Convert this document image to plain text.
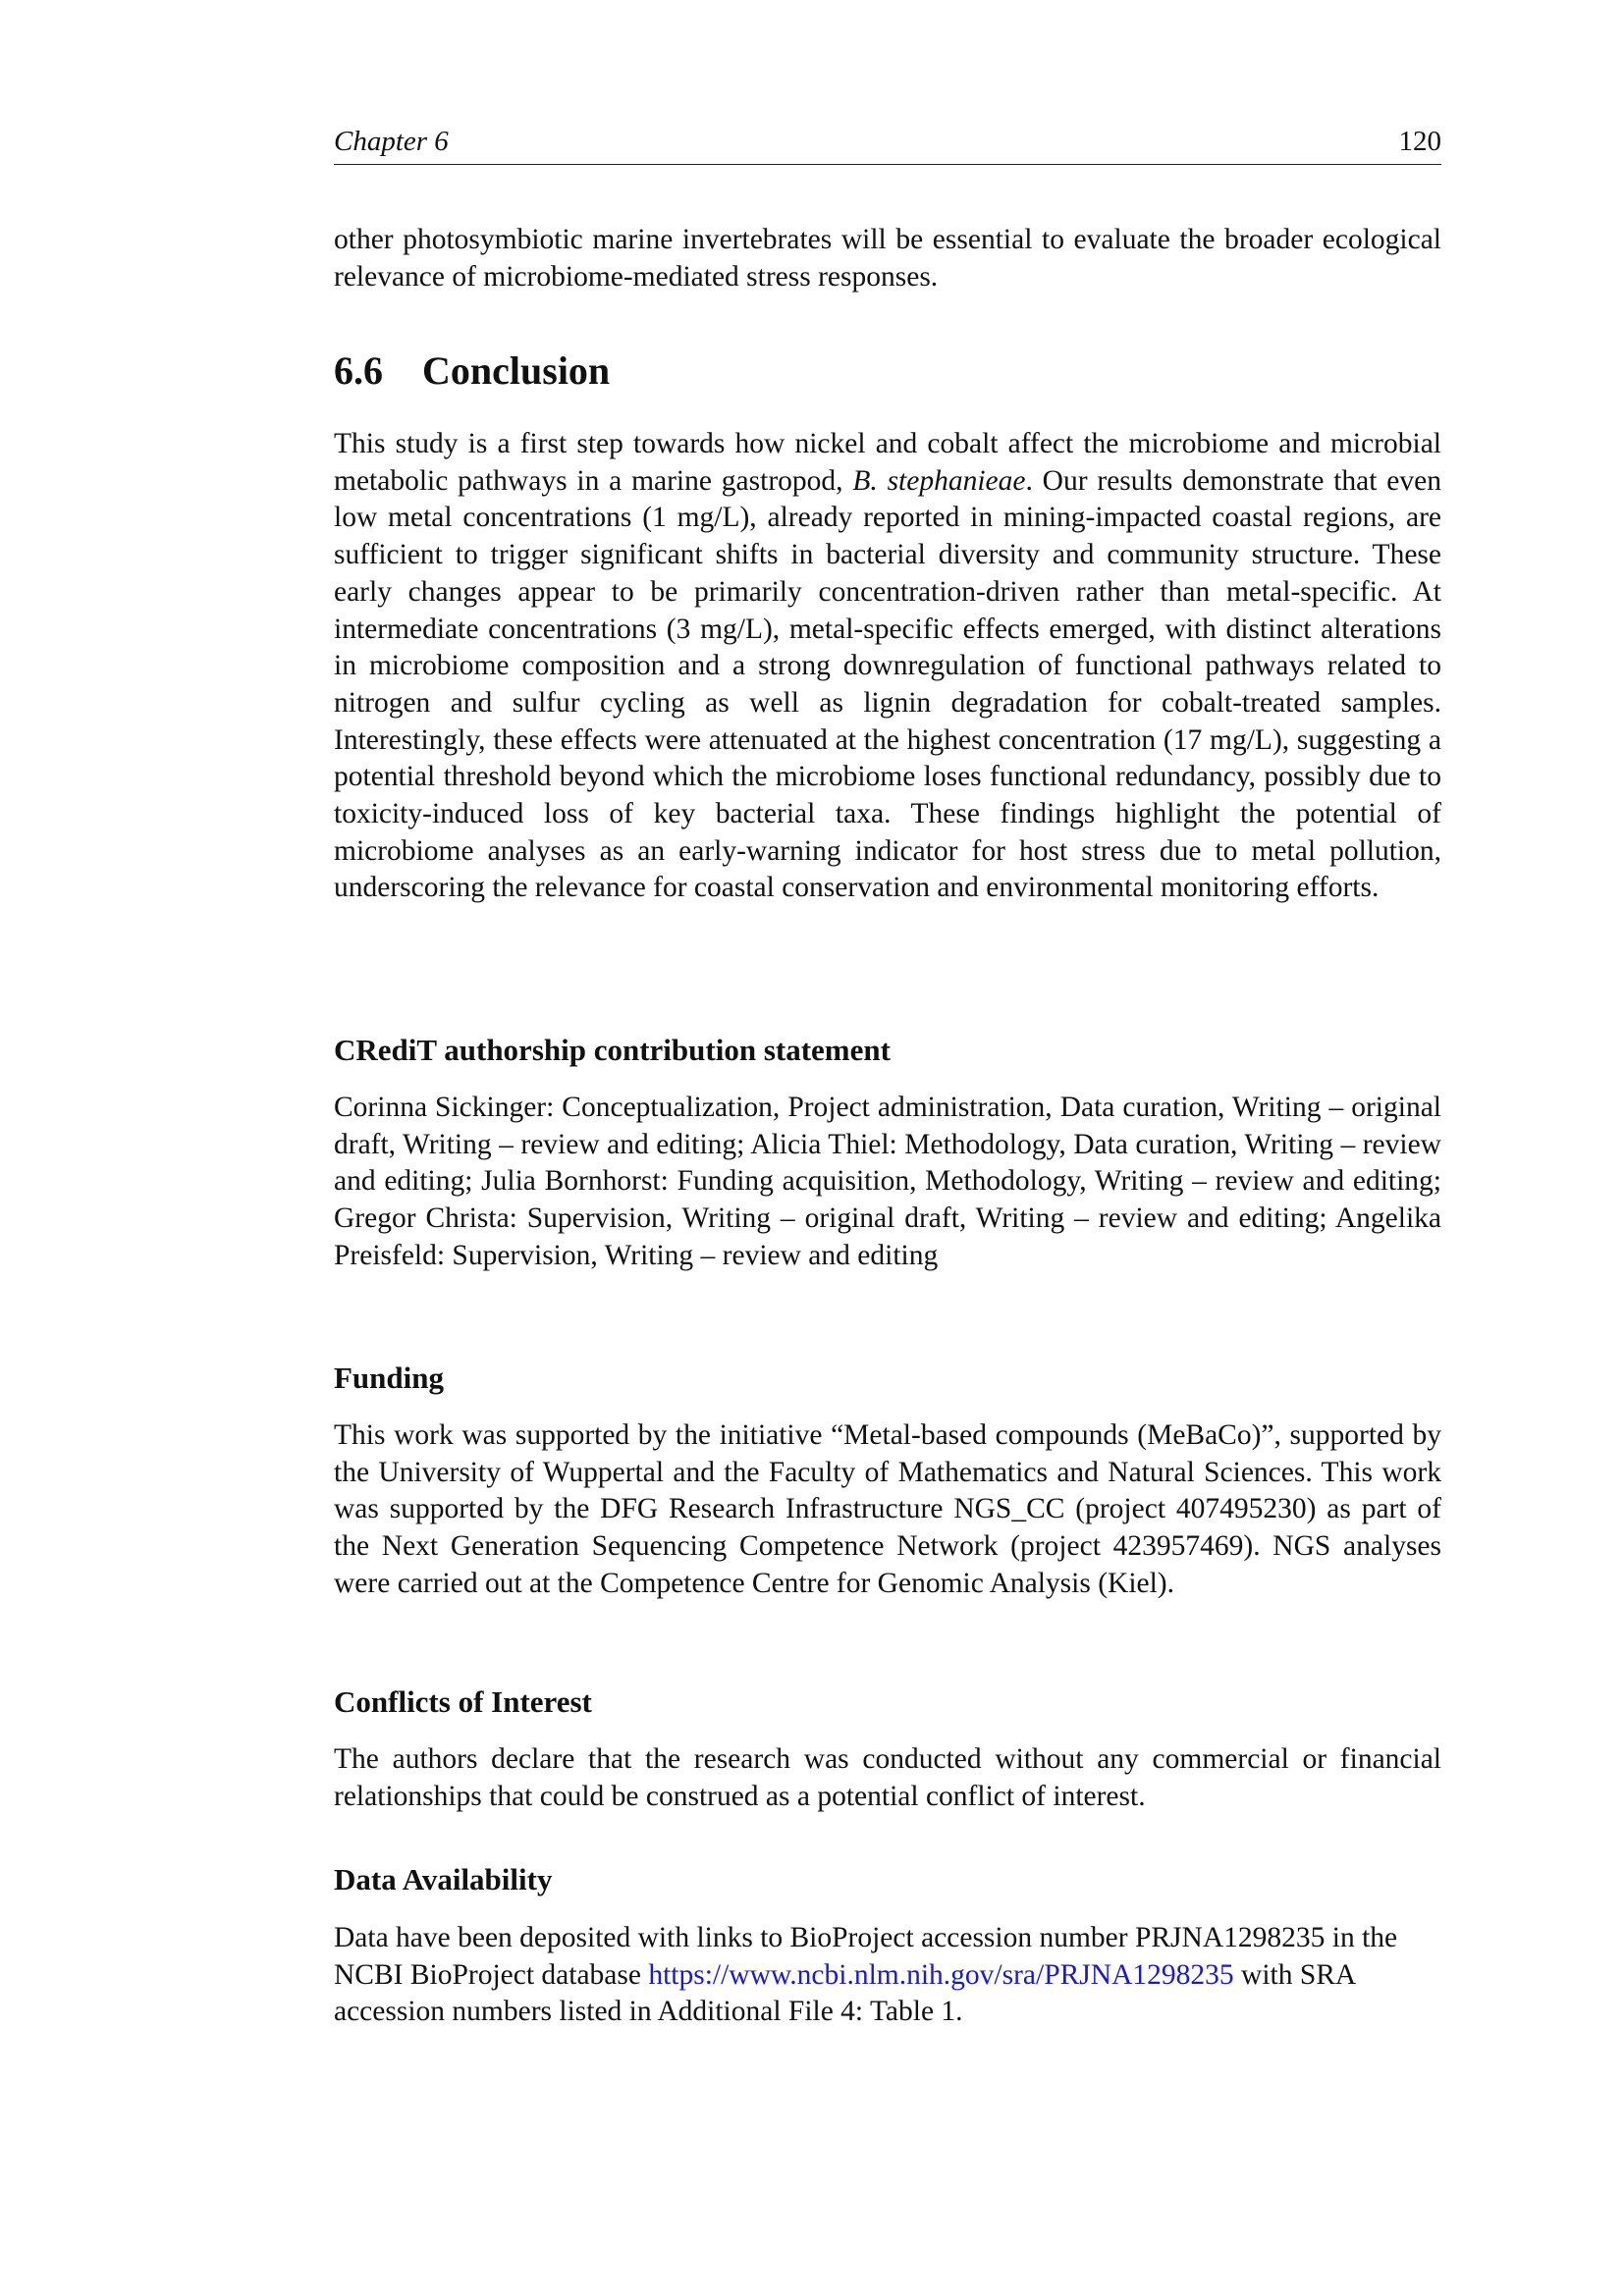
Chapter 6	120

other photosymbiotic marine invertebrates will be essential to evaluate the broader ecological relevance of microbiome-mediated stress responses.

6.6 Conclusion

This study is a first step towards how nickel and cobalt affect the microbiome and microbial metabolic pathways in a marine gastropod, B. stephanieae. Our results demonstrate that even low metal concentrations (1 mg/L), already reported in mining-impacted coastal regions, are sufficient to trigger significant shifts in bacterial diversity and community structure. These early changes appear to be primarily concentration-driven rather than metal-specific. At intermediate concentrations (3 mg/L), metal-specific effects emerged, with distinct alterations in microbiome composition and a strong downregulation of functional pathways related to nitrogen and sulfur cycling as well as lignin degradation for cobalt-treated samples. Interestingly, these effects were attenuated at the highest concentration (17 mg/L), suggesting a potential threshold beyond which the microbiome loses functional redundancy, possibly due to toxicity-induced loss of key bacterial taxa. These findings highlight the potential of microbiome analyses as an early-warning indicator for host stress due to metal pollution, underscoring the relevance for coastal conservation and environmental monitoring efforts.

CRediT authorship contribution statement

Corinna Sickinger: Conceptualization, Project administration, Data curation, Writing – original draft, Writing – review and editing; Alicia Thiel: Methodology, Data curation, Writing – review and editing; Julia Bornhorst: Funding acquisition, Methodology, Writing – review and editing; Gregor Christa: Supervision, Writing – original draft, Writing – review and editing; Angelika Preisfeld: Supervision, Writing – review and editing

Funding

This work was supported by the initiative “Metal-based compounds (MeBaCo)”, supported by the University of Wuppertal and the Faculty of Mathematics and Natural Sciences. This work was supported by the DFG Research Infrastructure NGS_CC (project 407495230) as part of the Next Generation Sequencing Competence Network (project 423957469). NGS analyses were carried out at the Competence Centre for Genomic Analysis (Kiel).

Conflicts of Interest

The authors declare that the research was conducted without any commercial or financial relationships that could be construed as a potential conflict of interest.

Data Availability

Data have been deposited with links to BioProject accession number PRJNA1298235 in the NCBI BioProject database https://www.ncbi.nlm.nih.gov/sra/PRJNA1298235 with SRA accession numbers listed in Additional File 4: Table 1.
